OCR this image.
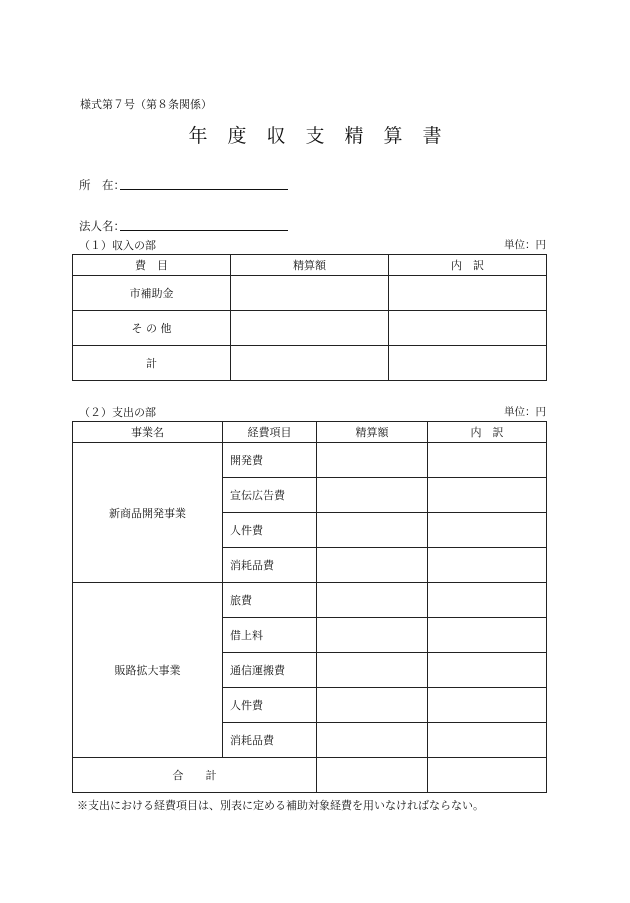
様式第７号（第８条関係）
年度収支精算書
所　在：
法人名：
（１）収入の部	単位：円
費　目	精算額	内　訳
市補助金		
そ の 他		
計		
（２）支出の部	単位：円
事業名	経費項目	精算額	内　訳
新商品開発事業	開発費		
	宣伝広告費		
	人件費		
	消耗品費		
販路拡大事業	旅費		
	借上料		
	通信運搬費		
	人件費		
	消耗品費		
合　　計			
※支出における経費項目は、別表に定める補助対象経費を用いなければならない。
